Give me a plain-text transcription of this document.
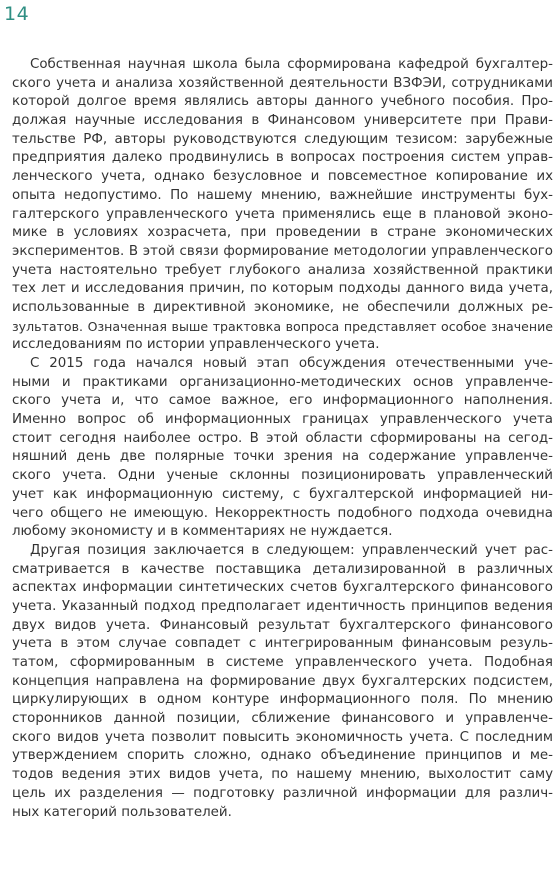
14
Собственная научная школа была сформирована кафедрой бухгалтер-
ского учета и анализа хозяйственной деятельности ВЗФЭИ, сотрудниками
которой долгое время являлись авторы данного учебного пособия. Про-
должая научные исследования в Финансовом университете при Прави-
тельстве РФ, авторы руководствуются следующим тезисом: зарубежные
предприятия далеко продвинулись в вопросах построения систем управ-
ленческого учета, однако безусловное и повсеместное копирование их
опыта недопустимо. По нашему мнению, важнейшие инструменты бух-
галтерского управленческого учета применялись еще в плановой эконо-
мике в условиях хозрасчета, при проведении в стране экономических
экспериментов. В этой связи формирование методологии управленческого
учета настоятельно требует глубокого анализа хозяйственной практики
тех лет и исследования причин, по которым подходы данного вида учета,
использованные в директивной экономике, не обеспечили должных ре-
зультатов. Означенная выше трактовка вопроса представляет особое значение
исследованиям по истории управленческого учета.
С 2015 года начался новый этап обсуждения отечественными уче-
ными и практиками организационно-методических основ управленче-
ского учета и, что самое важное, его информационного наполнения.
Именно вопрос об информационных границах управленческого учета
стоит сегодня наиболее остро. В этой области сформированы на сегод-
няшний день две полярные точки зрения на содержание управленче-
ского учета. Одни ученые склонны позиционировать управленческий
учет как информационную систему, с бухгалтерской информацией ни-
чего общего не имеющую. Некорректность подобного подхода очевидна
любому экономисту и в комментариях не нуждается.
Другая позиция заключается в следующем: управленческий учет рас-
сматривается в качестве поставщика детализированной в различных
аспектах информации синтетических счетов бухгалтерского финансового
учета. Указанный подход предполагает идентичность принципов ведения
двух видов учета. Финансовый результат бухгалтерского финансового
учета в этом случае совпадет с интегрированным финансовым резуль-
татом, сформированным в системе управленческого учета. Подобная
концепция направлена на формирование двух бухгалтерских подсистем,
циркулирующих в одном контуре информационного поля. По мнению
сторонников данной позиции, сближение финансового и управленче-
ского видов учета позволит повысить экономичность учета. С последним
утверждением спорить сложно, однако объединение принципов и ме-
тодов ведения этих видов учета, по нашему мнению, выхолостит саму
цель их разделения — подготовку различной информации для различ-
ных категорий пользователей.
